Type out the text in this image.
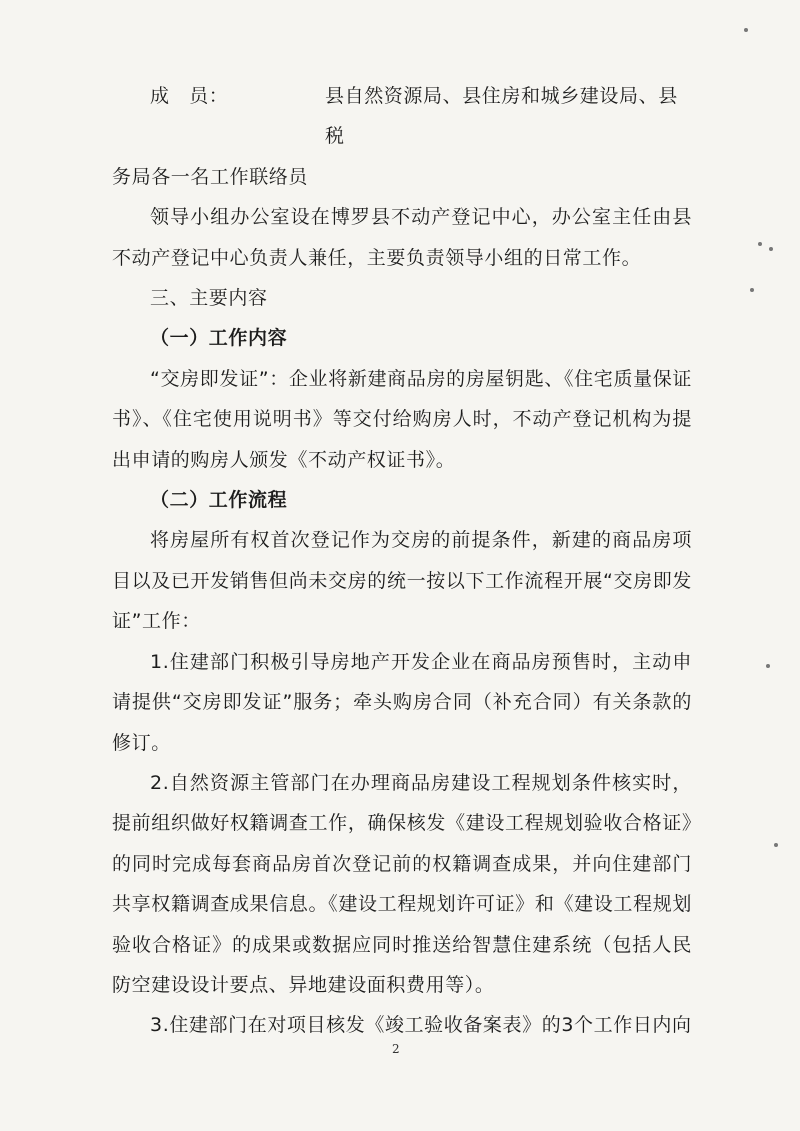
成　员：	县自然资源局、县住房和城乡建设局、县税

务局各一名工作联络员

领导小组办公室设在博罗县不动产登记中心，办公室主任由县不动产登记中心负责人兼任，主要负责领导小组的日常工作。

三、主要内容

（一）工作内容

“交房即发证”：企业将新建商品房的房屋钥匙、《住宅质量保证书》、《住宅使用说明书》等交付给购房人时，不动产登记机构为提出申请的购房人颁发《不动产权证书》。

（二）工作流程

将房屋所有权首次登记作为交房的前提条件，新建的商品房项目以及已开发销售但尚未交房的统一按以下工作流程开展“交房即发证”工作：

1.住建部门积极引导房地产开发企业在商品房预售时，主动申请提供“交房即发证”服务；牵头购房合同（补充合同）有关条款的修订。

2.自然资源主管部门在办理商品房建设工程规划条件核实时，提前组织做好权籍调查工作，确保核发《建设工程规划验收合格证》的同时完成每套商品房首次登记前的权籍调查成果，并向住建部门共享权籍调查成果信息。《建设工程规划许可证》和《建设工程规划验收合格证》的成果或数据应同时推送给智慧住建系统（包括人民防空建设设计要点、异地建设面积费用等）。

3.住建部门在对项目核发《竣工验收备案表》的3个工作日内向

2
